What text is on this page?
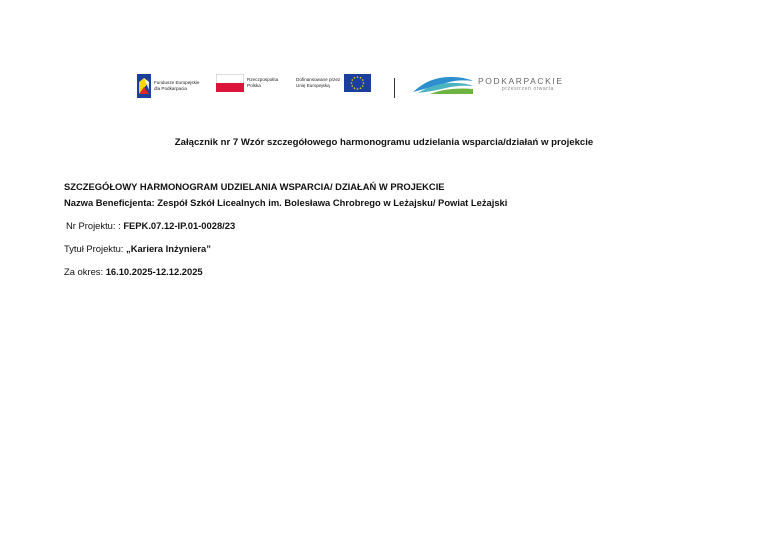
Fundusze Europejskie
dla Podkarpacia
Rzeczpospolita
Polska
Dofinansowane przez
Unię Europejską	PODKARPACKIE
przestrzeń otwarta
Załącznik nr 7 Wzór szczegółowego harmonogramu udzielania wsparcia/działań w projekcie
SZCZEGÓŁOWY HARMONOGRAM UDZIELANIA WSPARCIA/ DZIAŁAŃ W PROJEKCIE
Nazwa Beneficjenta: Zespół Szkół Licealnych im. Bolesława Chrobrego w Leżajsku/ Powiat Leżajski
Nr Projektu: : FEPK.07.12-IP.01-0028/23
Tytuł Projektu: „Kariera Inżyniera”
Za okres: 16.10.2025-12.12.2025
